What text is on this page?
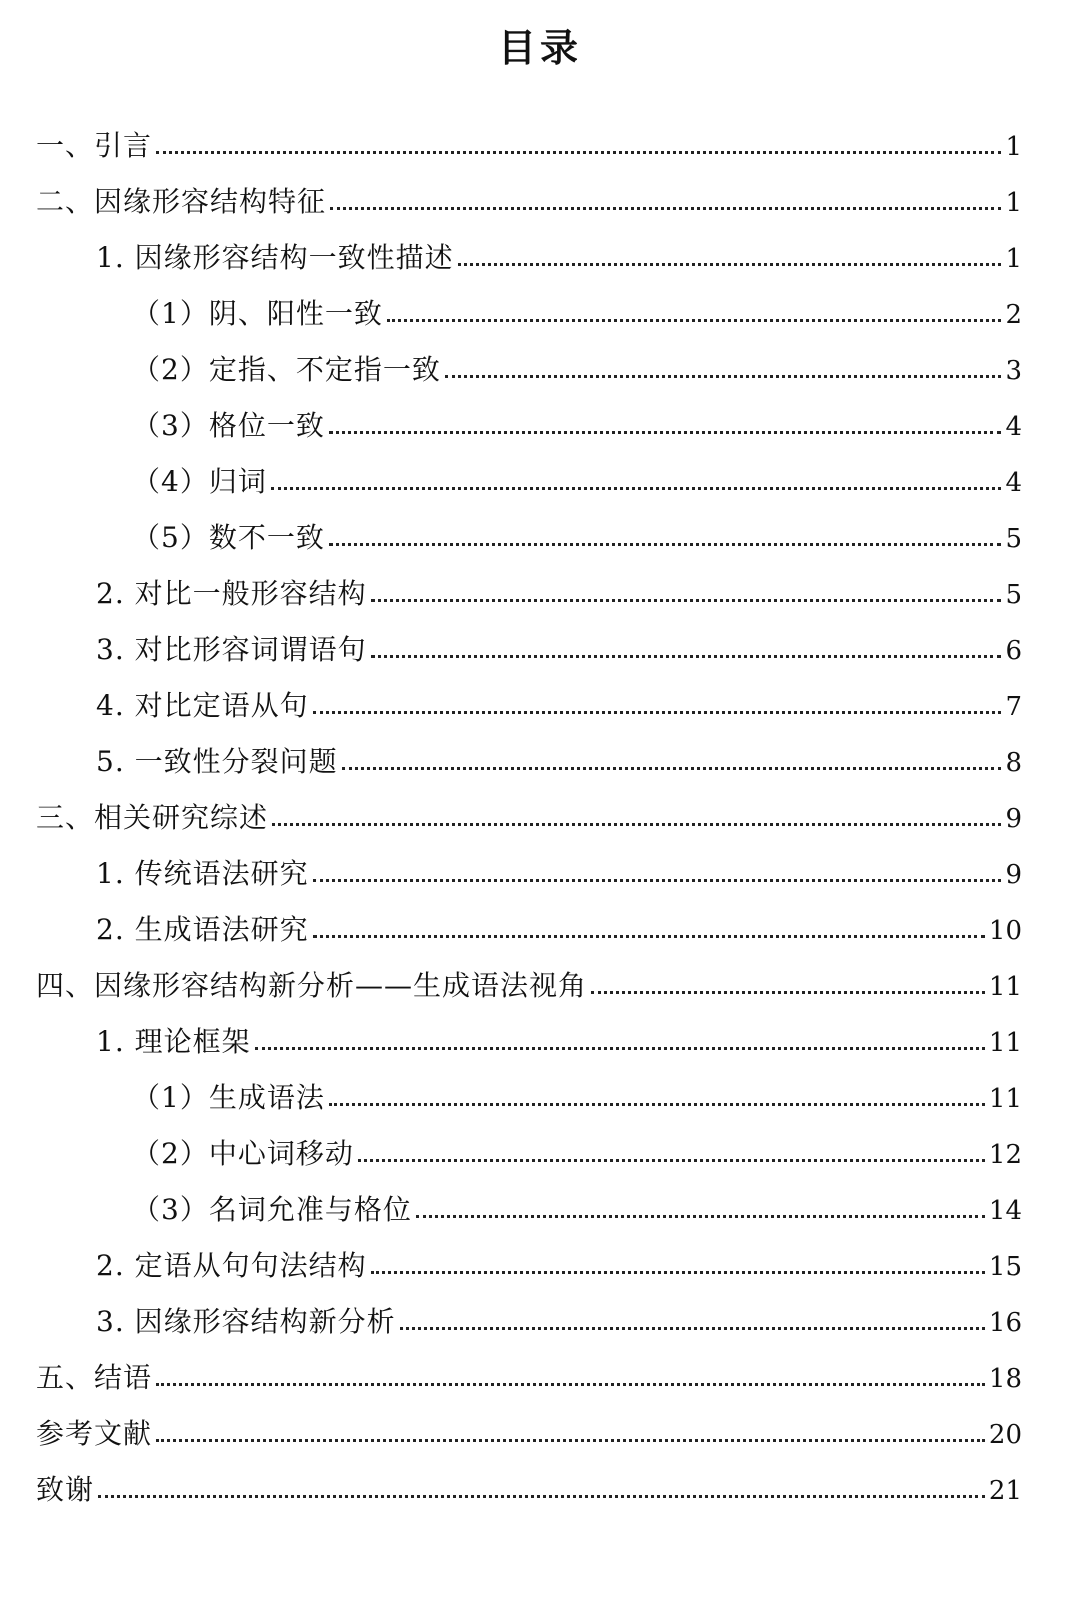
目录
一、引言	1
二、因缘形容结构特征	1
1. 因缘形容结构一致性描述	1
（1）阴、阳性一致	2
（2）定指、不定指一致	3
（3）格位一致	4
（4）归词	4
（5）数不一致	5
2. 对比一般形容结构	5
3. 对比形容词谓语句	6
4. 对比定语从句	7
5. 一致性分裂问题	8
三、相关研究综述	9
1. 传统语法研究	9
2. 生成语法研究	10
四、因缘形容结构新分析——生成语法视角	11
1. 理论框架	11
（1）生成语法	11
（2）中心词移动	12
（3）名词允准与格位	14
2. 定语从句句法结构	15
3. 因缘形容结构新分析	16
五、结语	18
参考文献	20
致谢	21
